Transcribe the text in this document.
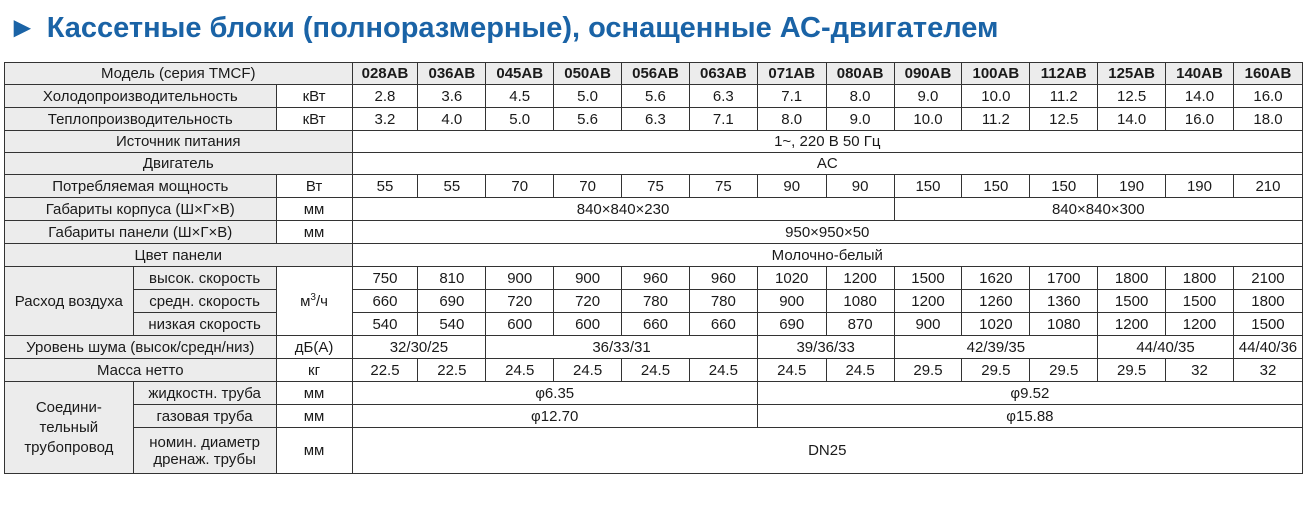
► Кассетные блоки (полноразмерные), оснащенные АС-двигателем
Модель (серия TMCF)			028AB	036AB	045AB	050AB	056AB	063AB	071AB	080AB	090AB	100AB	112AB	125AB	140AB	160AB
Холодопроизводительность		кВт	2.8	3.6	4.5	5.0	5.6	6.3	7.1	8.0	9.0	10.0	11.2	12.5	14.0	16.0
Теплопроизводительность		кВт	3.2	4.0	5.0	5.6	6.3	7.1	8.0	9.0	10.0	11.2	12.5	14.0	16.0	18.0
Источник питания			1~, 220 В 50 Гц													
Двигатель			AC													
Потребляемая мощность		Вт	55	55	70	70	75	75	90	90	150	150	150	190	190	210
Габариты корпуса (Ш×Г×В)		мм	840×840×230								840×840×300					
Габариты панели (Ш×Г×В)		мм	950×950×50													
Цвет панели			Молочно-белый													
Расход воздуха	высок. скорость	$м^3/ч$	750	810	900	900	960	960	1020	1200	1500	1620	1700	1800	1800	2100
	средн. скорость		660	690	720	720	780	780	900	1080	1200	1260	1360	1500	1500	1800
	низкая скорость		540	540	600	600	660	660	690	870	900	1020	1080	1200	1200	1500
Уровень шума (высок/средн/низ)		дБ(А)	32/30/25		36/33/31				39/36/33		42/39/35			44/40/35		44/40/36
Масса нетто		кг	22.5	22.5	24.5	24.5	24.5	24.5	24.5	24.5	29.5	29.5	29.5	29.5	32	32
Соедини- тельный трубопровод	жидкостн. труба	мм	φ6.35						φ9.52							
	газовая труба	мм	φ12.70						φ15.88							
	номин. диаметр дренаж. трубы	мм	DN25													
